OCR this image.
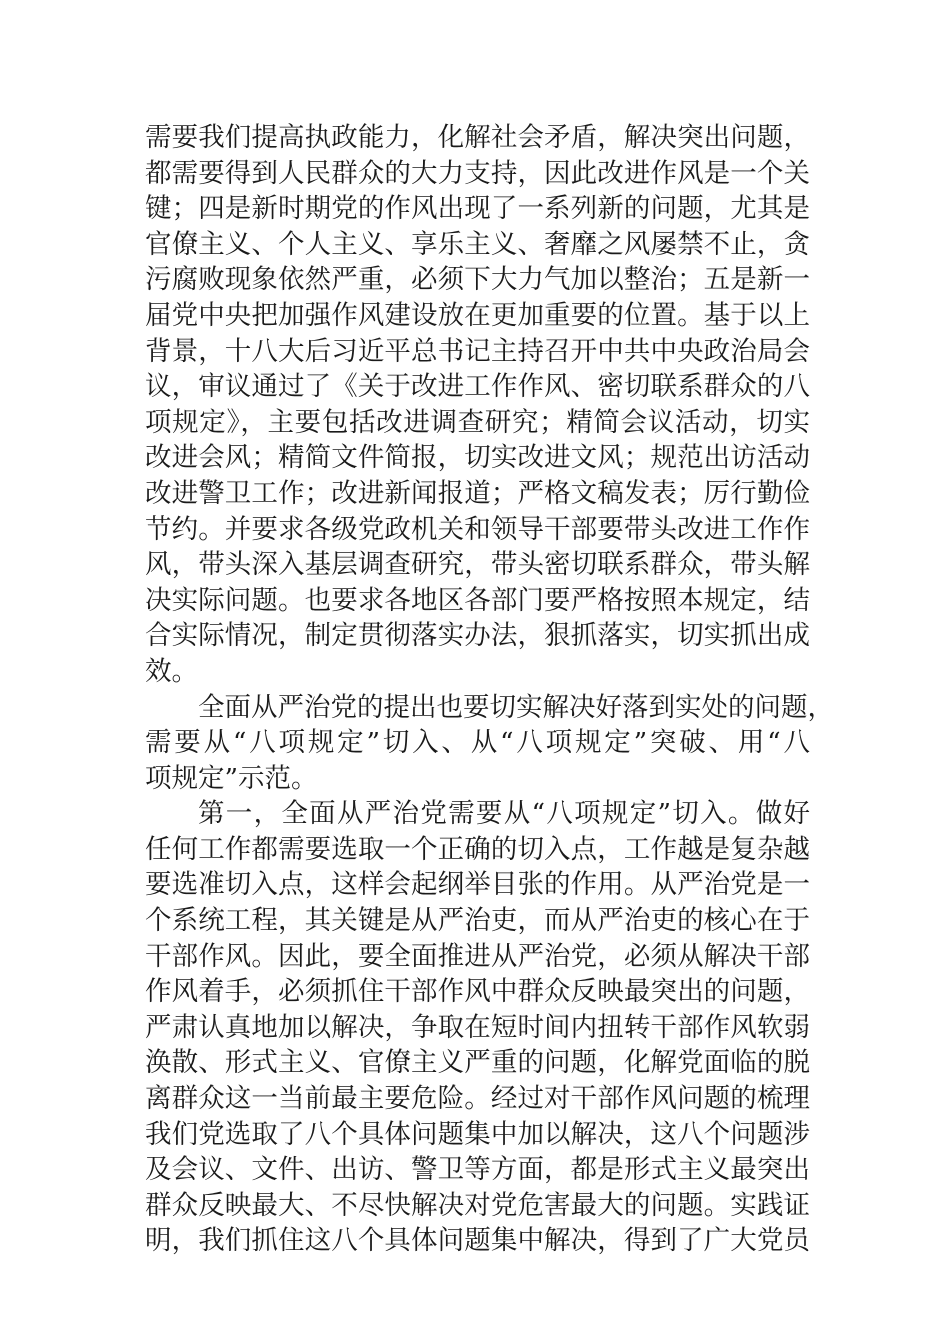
需要我们提高执政能力，化解社会矛盾，解决突出问题，
都需要得到人民群众的大力支持，因此改进作风是一个关
键；四是新时期党的作风出现了一系列新的问题，尤其是
官僚主义、个人主义、享乐主义、奢靡之风屡禁不止，贪
污腐败现象依然严重，必须下大力气加以整治；五是新一
届党中央把加强作风建设放在更加重要的位置。基于以上
背景，十八大后习近平总书记主持召开中共中央政治局会
议，审议通过了《关于改进工作作风、密切联系群众的八
项规定》，主要包括改进调查研究；精简会议活动，切实
改进会风；精简文件简报，切实改进文风；规范出访活动
改进警卫工作；改进新闻报道；严格文稿发表；厉行勤俭
节约。并要求各级党政机关和领导干部要带头改进工作作
风，带头深入基层调查研究，带头密切联系群众，带头解
决实际问题。也要求各地区各部门要严格按照本规定，结
合实际情况，制定贯彻落实办法，狠抓落实，切实抓出成
效。
全面从严治党的提出也要切实解决好落到实处的问题，
需要从“八项规定”切入、从“八项规定”突破、用“八
项规定”示范。
第一，全面从严治党需要从“八项规定”切入。做好
任何工作都需要选取一个正确的切入点，工作越是复杂越
要选准切入点，这样会起纲举目张的作用。从严治党是一
个系统工程，其关键是从严治吏，而从严治吏的核心在于
干部作风。因此，要全面推进从严治党，必须从解决干部
作风着手，必须抓住干部作风中群众反映最突出的问题，
严肃认真地加以解决，争取在短时间内扭转干部作风软弱
涣散、形式主义、官僚主义严重的问题，化解党面临的脱
离群众这一当前最主要危险。经过对干部作风问题的梳理
我们党选取了八个具体问题集中加以解决，这八个问题涉
及会议、文件、出访、警卫等方面，都是形式主义最突出
群众反映最大、不尽快解决对党危害最大的问题。实践证
明，我们抓住这八个具体问题集中解决，得到了广大党员
